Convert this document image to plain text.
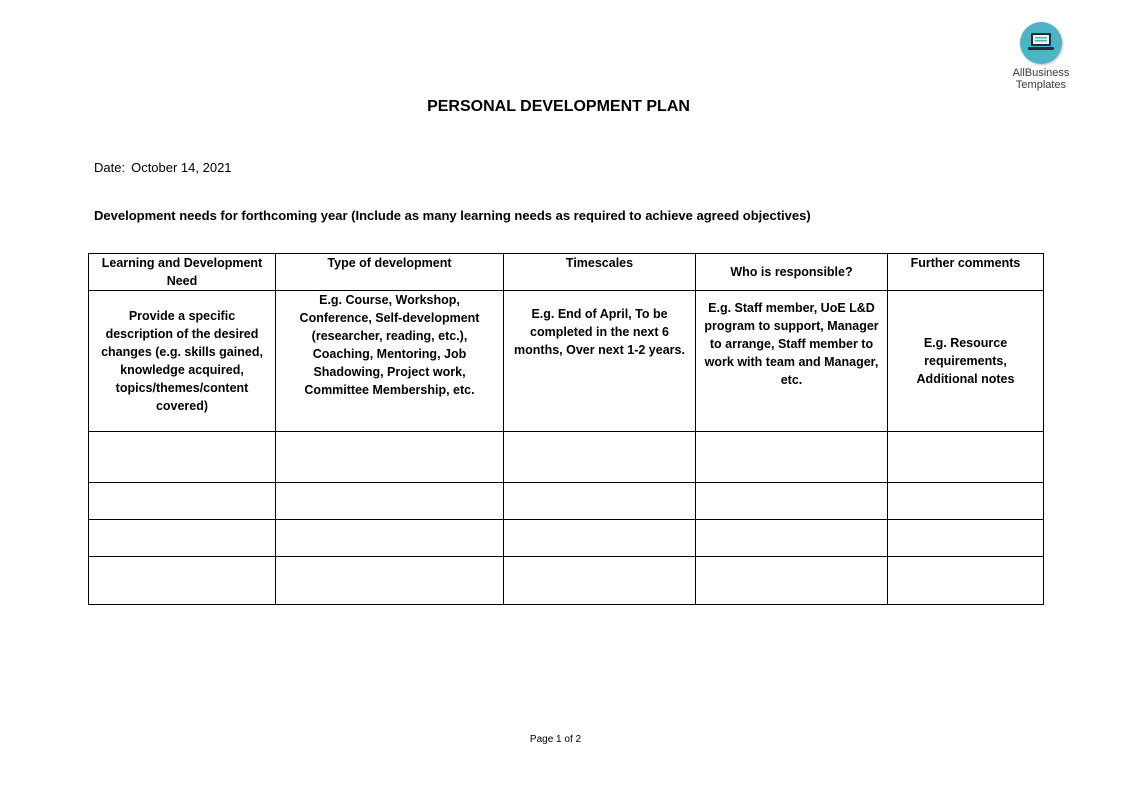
AllBusiness
Templates
PERSONAL DEVELOPMENT PLAN
Date: October 14, 2021
Development needs for forthcoming year (Include as many learning needs as required to achieve agreed objectives)
Learning and Development Need	Type of development	Timescales	Who is responsible?	Further comments
Provide a specific description of the desired changes (e.g. skills gained, knowledge acquired, topics/themes/content covered)	E.g. Course, Workshop, Conference, Self-development (researcher, reading, etc.), Coaching, Mentoring, Job Shadowing, Project work, Committee Membership, etc.	E.g. End of April, To be completed in the next 6 months, Over next 1-2 years.	E.g. Staff member, UoE L&D program to support, Manager to arrange, Staff member to work with team and Manager, etc.	E.g. Resource requirements, Additional notes

Page 1 of 2
